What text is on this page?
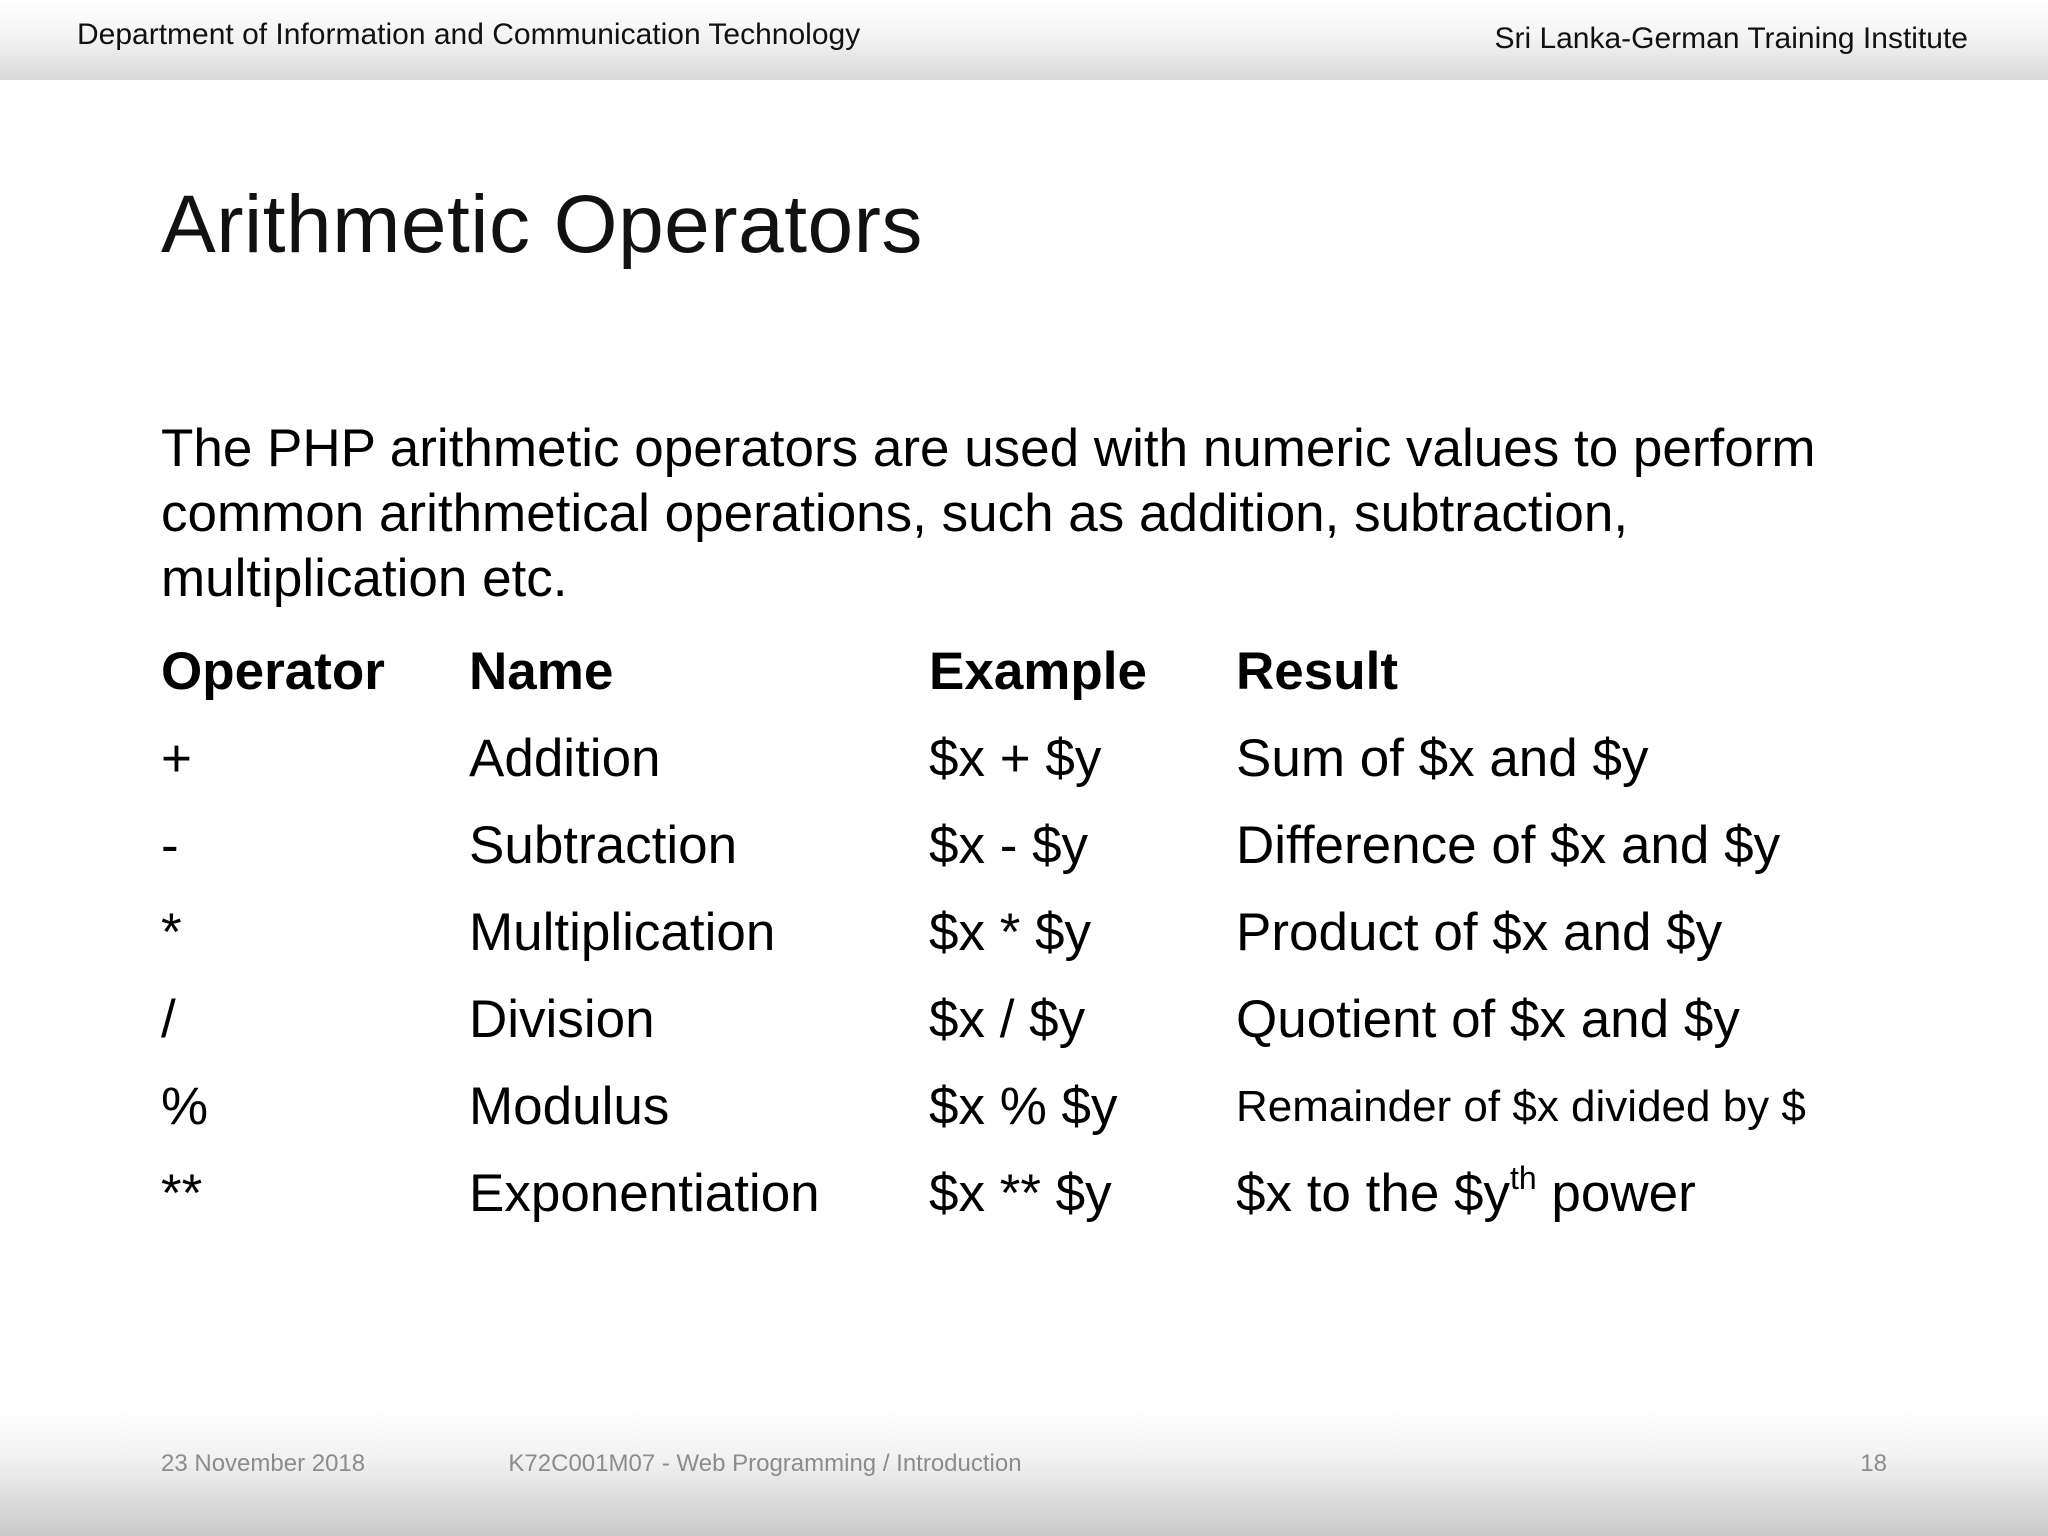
Department of Information and Communication Technology	Sri Lanka-German Training Institute
Arithmetic Operators
The PHP arithmetic operators are used with numeric values to perform common arithmetical operations, such as addition, subtraction, multiplication etc.
Operator	Name	Example	Result
+	Addition	$x + $y	Sum of $x and $y
-	Subtraction	$x - $y	Difference of $x and $y
*	Multiplication	$x * $y	Product of $x and $y
/	Division	$x / $y	Quotient of $x and $y
%	Modulus	$x % $y	Remainder of $x divided by $
**	Exponentiation	$x ** $y	$x to the $\$y^{th}$ power
23 November 2018	K72C001M07 - Web Programming / Introduction	18
